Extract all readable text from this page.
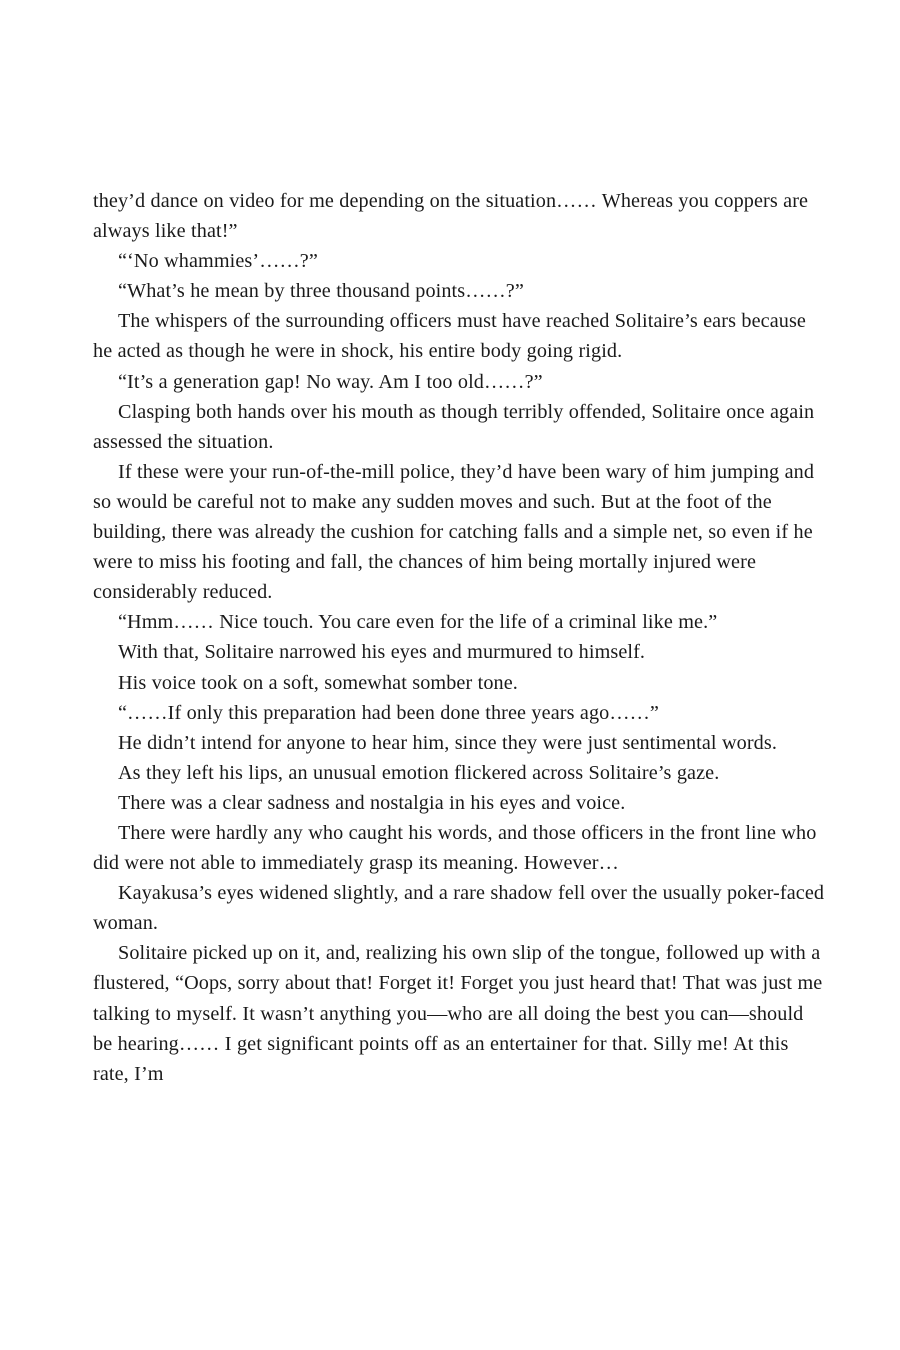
they’d dance on video for me depending on the situation…… Whereas you coppers are always like that!”

“‘No whammies’……?”

“What’s he mean by three thousand points……?”

The whispers of the surrounding officers must have reached Solitaire’s ears because he acted as though he were in shock, his entire body going rigid.

“It’s a generation gap! No way. Am I too old……?”

Clasping both hands over his mouth as though terribly offended, Solitaire once again assessed the situation.

If these were your run-of-the-mill police, they’d have been wary of him jumping and so would be careful not to make any sudden moves and such. But at the foot of the building, there was already the cushion for catching falls and a simple net, so even if he were to miss his footing and fall, the chances of him being mortally injured were considerably reduced.

“Hmm…… Nice touch. You care even for the life of a criminal like me.”

With that, Solitaire narrowed his eyes and murmured to himself.

His voice took on a soft, somewhat somber tone.

“……If only this preparation had been done three years ago……”

He didn’t intend for anyone to hear him, since they were just sentimental words.

As they left his lips, an unusual emotion flickered across Solitaire’s gaze.

There was a clear sadness and nostalgia in his eyes and voice.

There were hardly any who caught his words, and those officers in the front line who did were not able to immediately grasp its meaning. However…

Kayakusa’s eyes widened slightly, and a rare shadow fell over the usually poker-faced woman.

Solitaire picked up on it, and, realizing his own slip of the tongue, followed up with a flustered, “Oops, sorry about that! Forget it! Forget you just heard that! That was just me talking to myself. It wasn’t anything you—who are all doing the best you can—should be hearing…… I get significant points off as an entertainer for that. Silly me! At this rate, I’m
